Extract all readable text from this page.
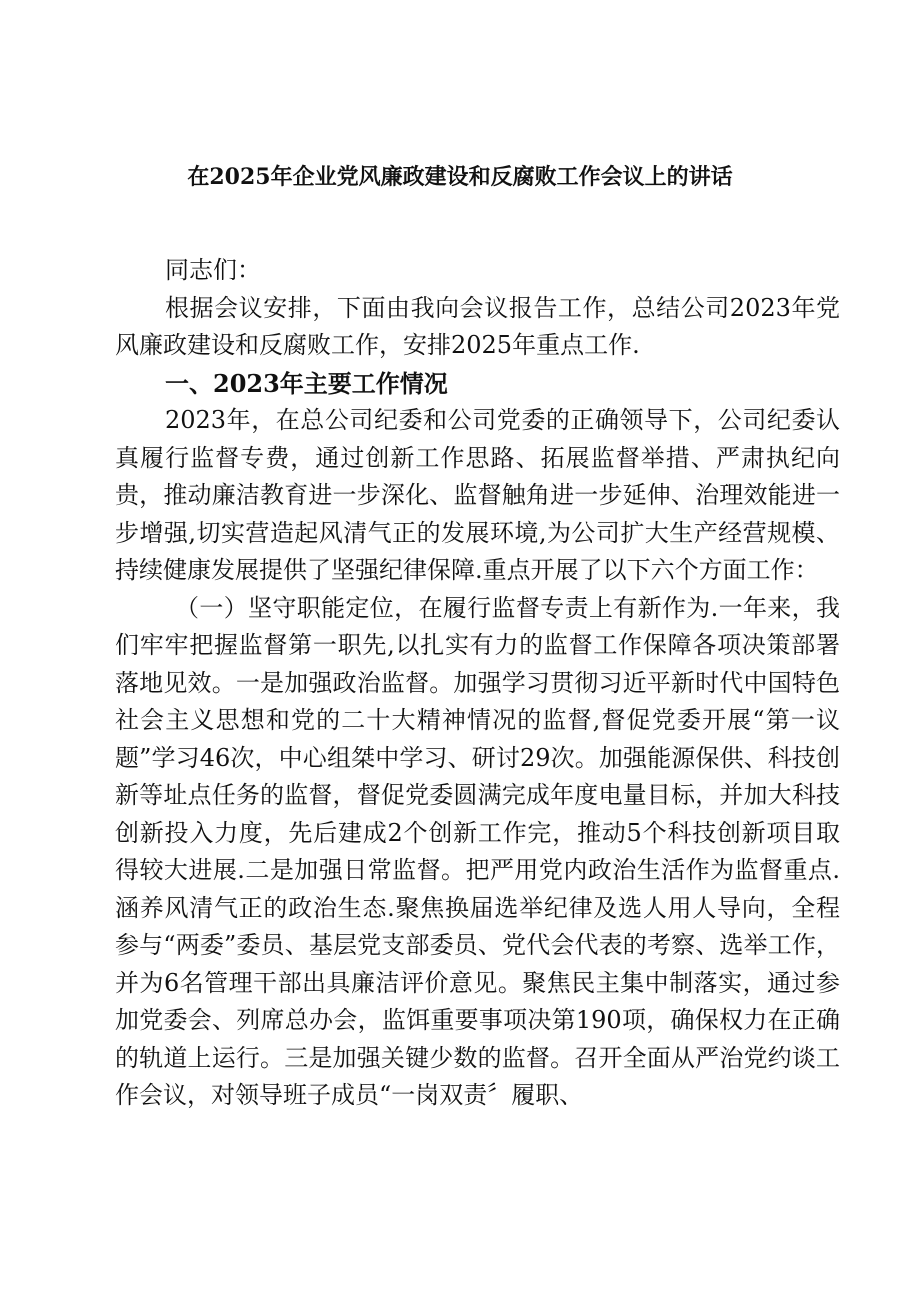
在2025年企业党风廉政建设和反腐败工作会议上的讲话

同志们：

根据会议安排，下面由我向会议报告工作，总结公司2023年党风廉政建设和反腐败工作，安排2025年重点工作.

一、2023年主要工作情况

2023年，在总公司纪委和公司党委的正确领导下，公司纪委认真履行监督专费，通过创新工作思路、拓展监督举措、严肃执纪向贵，推动廉洁教育进一步深化、监督触角进一步延伸、治理效能进一步增强,切实营造起风清气正的发展环境,为公司扩大生产经营规模、持续健康发展提供了坚强纪律保障.重点开展了以下六个方面工作：

（一）坚守职能定位，在履行监督专责上有新作为.一年来，我们牢牢把握监督第一职先,以扎实有力的监督工作保障各项决策部署落地见效。一是加强政治监督。加强学习贯彻习近平新时代中国特色社会主义思想和党的二十大精神情况的监督,督促党委开展“第一议题”学习46次，中心组桀中学习、研讨29次。加强能源保供、科技创新等址点任务的监督，督促党委圆满完成年度电量目标，并加大科技创新投入力度，先后建成2个创新工作完，推动5个科技创新项目取得较大进展.二是加强日常监督。把严用党内政治生活作为监督重点.涵养风清气正的政治生态.聚焦换届选举纪律及选人用人导向，全程参与“两委”委员、基层党支部委员、党代会代表的考察、选举工作，并为6名管理干部出具廉洁评价意见。聚焦民主集中制落实，通过参加党委会、列席总办会，监饵重要事项决第190项，确保权力在正确的轨道上运行。三是加强关键少数的监督。召开全面从严治党约谈工作会议，对领导班子成员“一岗双责〞履职、
